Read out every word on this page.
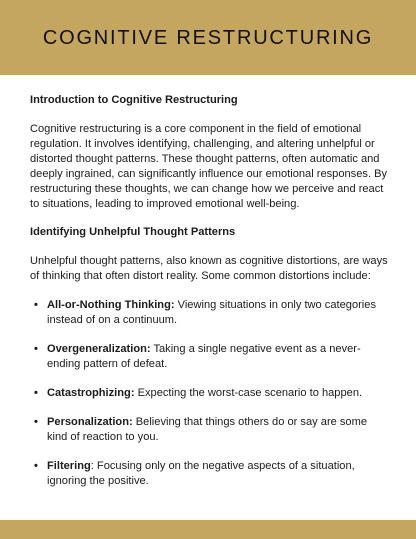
COGNITIVE RESTRUCTURING

Introduction to Cognitive Restructuring

Cognitive restructuring is a core component in the field of emotional regulation. It involves identifying, challenging, and altering unhelpful or distorted thought patterns. These thought patterns, often automatic and deeply ingrained, can significantly influence our emotional responses. By restructuring these thoughts, we can change how we perceive and react to situations, leading to improved emotional well-being.

Identifying Unhelpful Thought Patterns

Unhelpful thought patterns, also known as cognitive distortions, are ways of thinking that often distort reality. Some common distortions include:

• All-or-Nothing Thinking: Viewing situations in only two categories instead of on a continuum.
• Overgeneralization: Taking a single negative event as a never-ending pattern of defeat.
• Catastrophizing: Expecting the worst-case scenario to happen.
• Personalization: Believing that things others do or say are some kind of reaction to you.
• Filtering: Focusing only on the negative aspects of a situation, ignoring the positive.
